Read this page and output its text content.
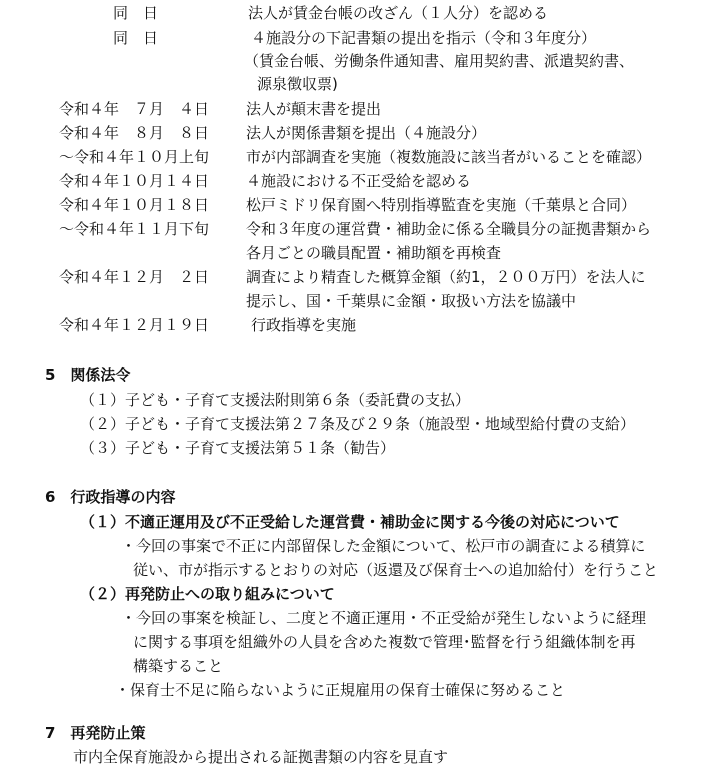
同　日	法人が賃金台帳の改ざん（１人分）を認める
同　日	４施設分の下記書類の提出を指示（令和３年度分）
（賃金台帳、労働条件通知書、雇用契約書、派遣契約書、
源泉徴収票)
令和４年　７月　４日 法人が顛末書を提出
令和４年　８月　８日 法人が関係書類を提出（４施設分）
～令和４年１０月上旬 市が内部調査を実施（複数施設に該当者がいることを確認）
令和４年１０月１４日 ４施設における不正受給を認める
令和４年１０月１８日 松戸ミドリ保育園へ特別指導監査を実施（千葉県と合同）
～令和４年１１月下旬 令和３年度の運営費・補助金に係る全職員分の証拠書類から
各月ごとの職員配置・補助額を再検査
令和４年１２月　２日 調査により精査した概算金額（約1，２００万円）を法人に
提示し、国・千葉県に金額・取扱い方法を協議中
令和４年１２月１９日	行政指導を実施
5　関係法令
（１）子ども・子育て支援法附則第６条（委託費の支払）
（２）子ども・子育て支援法第２７条及び２９条（施設型・地域型給付費の支給）
（３）子ども・子育て支援法第５１条（勧告）
6　行政指導の内容
（１）不適正運用及び不正受給した運営費・補助金に関する今後の対応について
・今回の事案で不正に内部留保した金額について、松戸市の調査による積算に
従い、市が指示するとおりの対応（返還及び保育士への追加給付）を行うこと
（２）再発防止への取り組みについて
・今回の事案を検証し、二度と不適正運用・不正受給が発生しないように経理
に関する事項を組織外の人員を含めた複数で管理･監督を行う組織体制を再
構築すること
・保育士不足に陥らないように正規雇用の保育士確保に努めること
7　再発防止策
市内全保育施設から提出される証拠書類の内容を見直す
